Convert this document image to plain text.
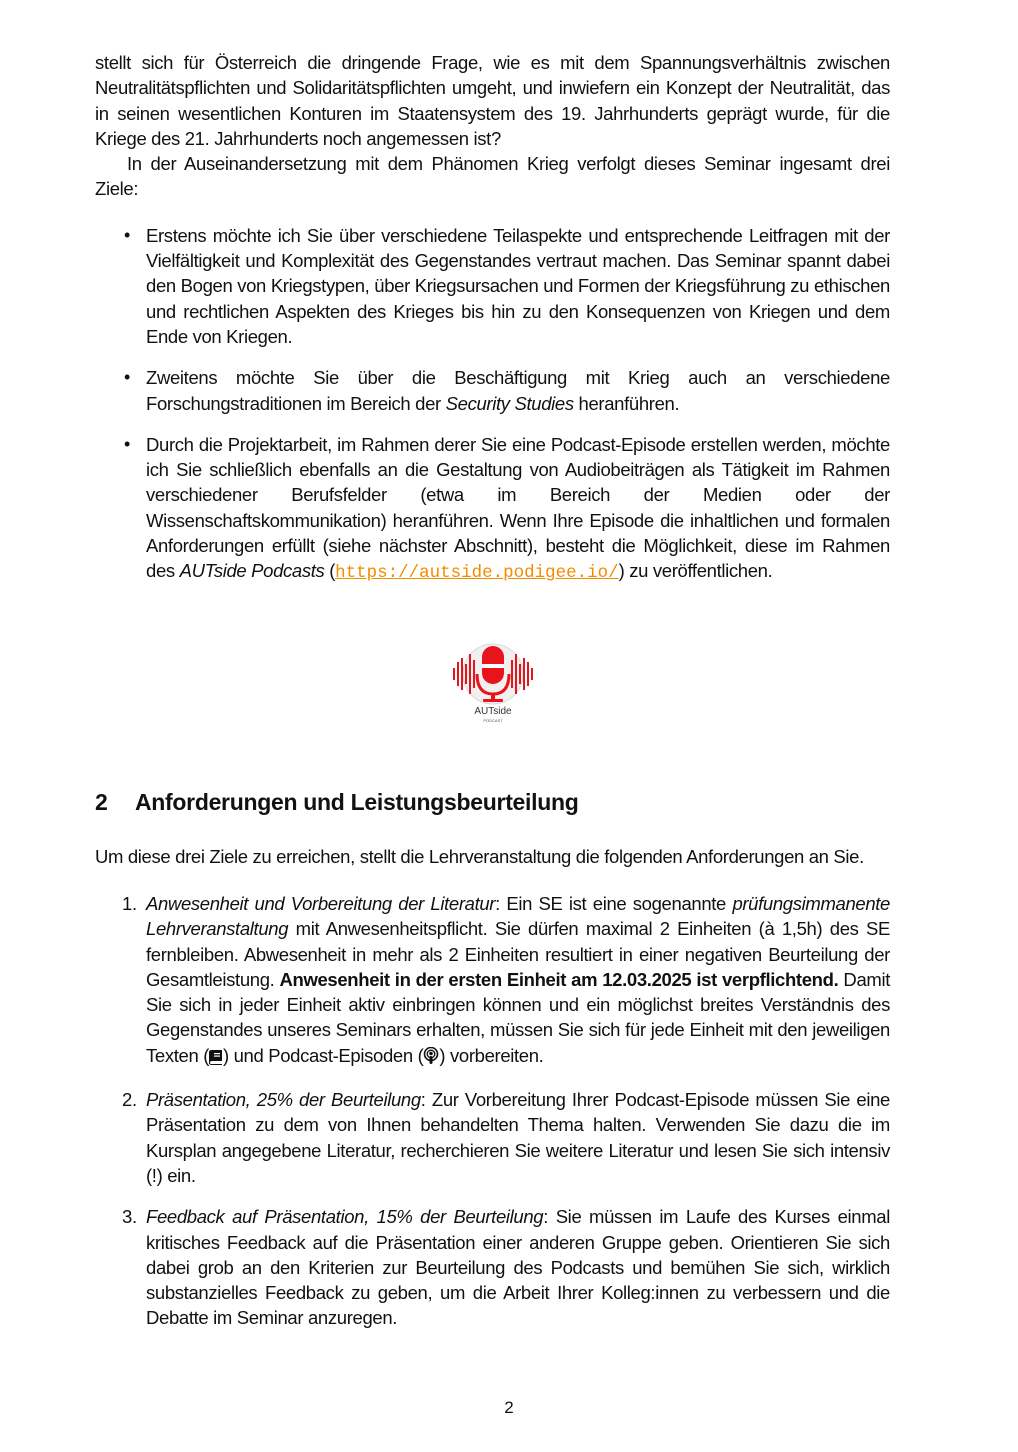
stellt sich für Österreich die dringende Frage, wie es mit dem Spannungsverhältnis zwischen Neutralitätspflichten und Solidaritätspflichten umgeht, und inwiefern ein Konzept der Neutralität, das in seinen wesentlichen Konturen im Staatensystem des 19. Jahrhunderts geprägt wurde, für die Kriege des 21. Jahrhunderts noch angemessen ist?

In der Auseinandersetzung mit dem Phänomen Krieg verfolgt dieses Seminar ingesamt drei Ziele:

• Erstens möchte ich Sie über verschiedene Teilaspekte und entsprechende Leitfragen mit der Vielfältigkeit und Komplexität des Gegenstandes vertraut machen. Das Seminar spannt dabei den Bogen von Kriegstypen, über Kriegsursachen und Formen der Kriegsführung zu ethischen und rechtlichen Aspekten des Krieges bis hin zu den Konsequenzen von Kriegen und dem Ende von Kriegen.
• Zweitens möchte Sie über die Beschäftigung mit Krieg auch an verschiedene Forschungstraditionen im Bereich der Security Studies heranführen.
• Durch die Projektarbeit, im Rahmen derer Sie eine Podcast-Episode erstellen werden, möchte ich Sie schließlich ebenfalls an die Gestaltung von Audiobeiträgen als Tätigkeit im Rahmen verschiedener Berufsfelder (etwa im Bereich der Medien oder der Wissenschaftskommunikation) heranführen. Wenn Ihre Episode die inhaltlichen und formalen Anforderungen erfüllt (siehe nächster Abschnitt), besteht die Möglichkeit, diese im Rahmen des AUTside Podcasts (https://autside.podigee.io/) zu veröffentlichen.
AUTside
PODCAST
2 Anforderungen und Leistungsbeurteilung

Um diese drei Ziele zu erreichen, stellt die Lehrveranstaltung die folgenden Anforderungen an Sie.

1. Anwesenheit und Vorbereitung der Literatur: Ein SE ist eine sogenannte prüfungsimmanente Lehrveranstaltung mit Anwesenheitspflicht. Sie dürfen maximal 2 Einheiten (à 1,5h) des SE fernbleiben. Abwesenheit in mehr als 2 Einheiten resultiert in einer negativen Beurteilung der Gesamtleistung. Anwesenheit in der ersten Einheit am 12.03.2025 ist verpflichtend. Damit Sie sich in jeder Einheit aktiv einbringen können und ein möglichst breites Verständnis des Gegenstandes unseres Seminars erhalten, müssen Sie sich für jede Einheit mit den jeweiligen Texten ( ) und Podcast-Episoden ( ) vorbereiten.
2. Präsentation, 25% der Beurteilung: Zur Vorbereitung Ihrer Podcast-Episode müssen Sie eine Präsentation zu dem von Ihnen behandelten Thema halten. Verwenden Sie dazu die im Kursplan angegebene Literatur, recherchieren Sie weitere Literatur und lesen Sie sich intensiv (!) ein.
3. Feedback auf Präsentation, 15% der Beurteilung: Sie müssen im Laufe des Kurses einmal kritisches Feedback auf die Präsentation einer anderen Gruppe geben. Orientieren Sie sich dabei grob an den Kriterien zur Beurteilung des Podcasts und bemühen Sie sich, wirklich substanzielles Feedback zu geben, um die Arbeit Ihrer Kolleg:innen zu verbessern und die Debatte im Seminar anzuregen.
2
